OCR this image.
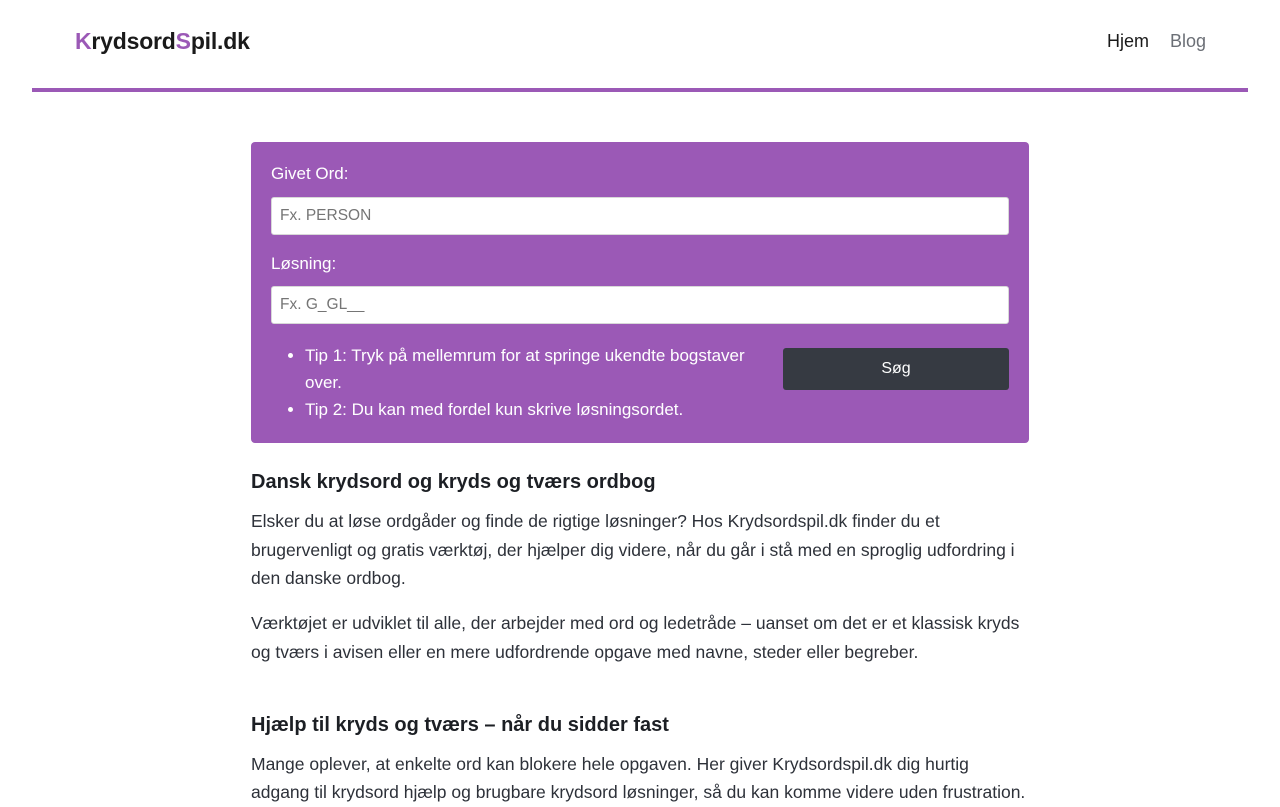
KrydsordSpil.dk	Hjem Blog
Givet Ord:
Fx. PERSON
Løsning:
Fx. G_GL__
• Tip 1: Tryk på mellemrum for at springe ukendte bogstaver over.
• Tip 2: Du kan med fordel kun skrive løsningsordet.
Søg
Dansk krydsord og kryds og tværs ordbog

Elsker du at løse ordgåder og finde de rigtige løsninger? Hos Krydsordspil.dk finder du et brugervenligt og gratis værktøj, der hjælper dig videre, når du går i stå med en sproglig udfordring i den danske ordbog.

Værktøjet er udviklet til alle, der arbejder med ord og ledetråde – uanset om det er et klassisk kryds og tværs i avisen eller en mere udfordrende opgave med navne, steder eller begreber.

Hjælp til kryds og tværs – når du sidder fast

Mange oplever, at enkelte ord kan blokere hele opgaven. Her giver Krydsordspil.dk dig hurtig adgang til krydsord hjælp og brugbare krydsord løsninger, så du kan komme videre uden frustration.
